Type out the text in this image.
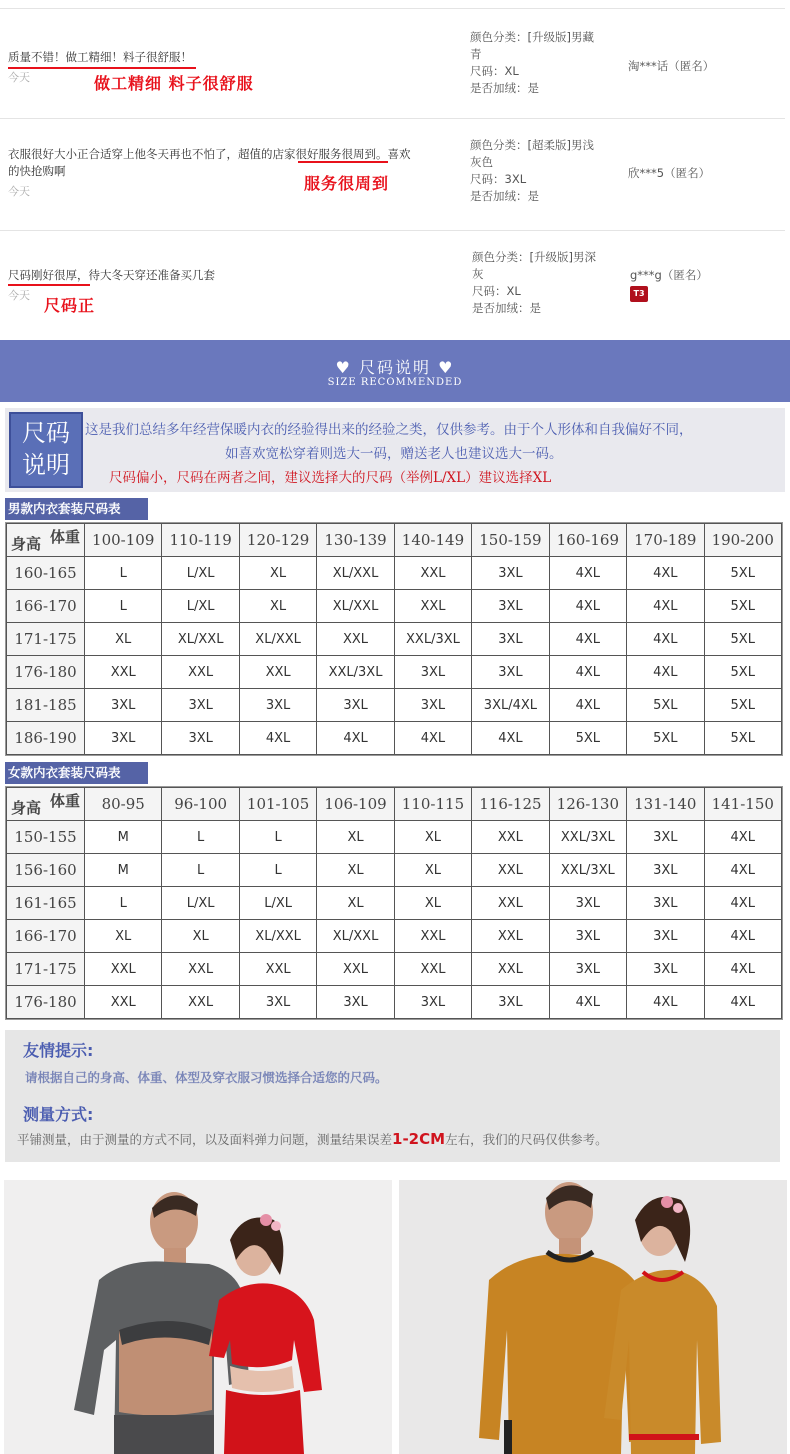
质量不错！做工精细！料子很舒服！
今天	做工精细 料子很舒服
颜色分类：[升级版]男藏
青
尺码：XL
是否加绒：是
淘***话（匿名）
衣服很好大小正合适穿上他冬天再也不怕了，超值的店家很好服务很周到。喜欢
的快抢购啊
今天	服务很周到
颜色分类：[超柔版]男浅
灰色
尺码：3XL
是否加绒：是
欣***5（匿名）
尺码刚好很厚，待大冬天穿还准备买几套
今天
尺码正
颜色分类：[升级版]男深
灰
尺码：XL
是否加绒：是
g***g（匿名）
T3
♥ 尺码说明 ♥
SIZE RECOMMENDED
尺码
说明
这是我们总结多年经营保暖内衣的经验得出来的经验之类，仅供参考。由于个人形体和自我偏好不同，
如喜欢宽松穿着则选大一码，赠送老人也建议选大一码。
尺码偏小，尺码在两者之间，建议选择大的尺码（举例L/XL）建议选择XL
男款内衣套装尺码表
体重
身高	100-109	110-119	120-129	130-139	140-149	150-159	160-169	170-189	190-200
160-165	L	L/XL	XL	XL/XXL	XXL	3XL	4XL	4XL	5XL
166-170	L	L/XL	XL	XL/XXL	XXL	3XL	4XL	4XL	5XL
171-175	XL	XL/XXL	XL/XXL	XXL	XXL/3XL	3XL	4XL	4XL	5XL
176-180	XXL	XXL	XXL	XXL/3XL	3XL	3XL	4XL	4XL	5XL
181-185	3XL	3XL	3XL	3XL	3XL	3XL/4XL	4XL	5XL	5XL
186-190	3XL	3XL	4XL	4XL	4XL	4XL	5XL	5XL	5XL
女款内衣套装尺码表
体重
身高	80-95	96-100	101-105	106-109	110-115	116-125	126-130	131-140	141-150
150-155	M	L	L	XL	XL	XXL	XXL/3XL	3XL	4XL
156-160	M	L	L	XL	XL	XXL	XXL/3XL	3XL	4XL
161-165	L	L/XL	L/XL	XL	XL	XXL	3XL	3XL	4XL
166-170	XL	XL	XL/XXL	XL/XXL	XXL	XXL	3XL	3XL	4XL
171-175	XXL	XXL	XXL	XXL	XXL	XXL	3XL	3XL	4XL
176-180	XXL	XXL	3XL	3XL	3XL	3XL	4XL	4XL	4XL
友情提示:
请根据自己的身高、体重、体型及穿衣服习惯选择合适您的尺码。
测量方式:
平铺测量，由于测量的方式不同，以及面料弹力问题，测量结果误差1-2CM左右，我们的尺码仅供参考。
